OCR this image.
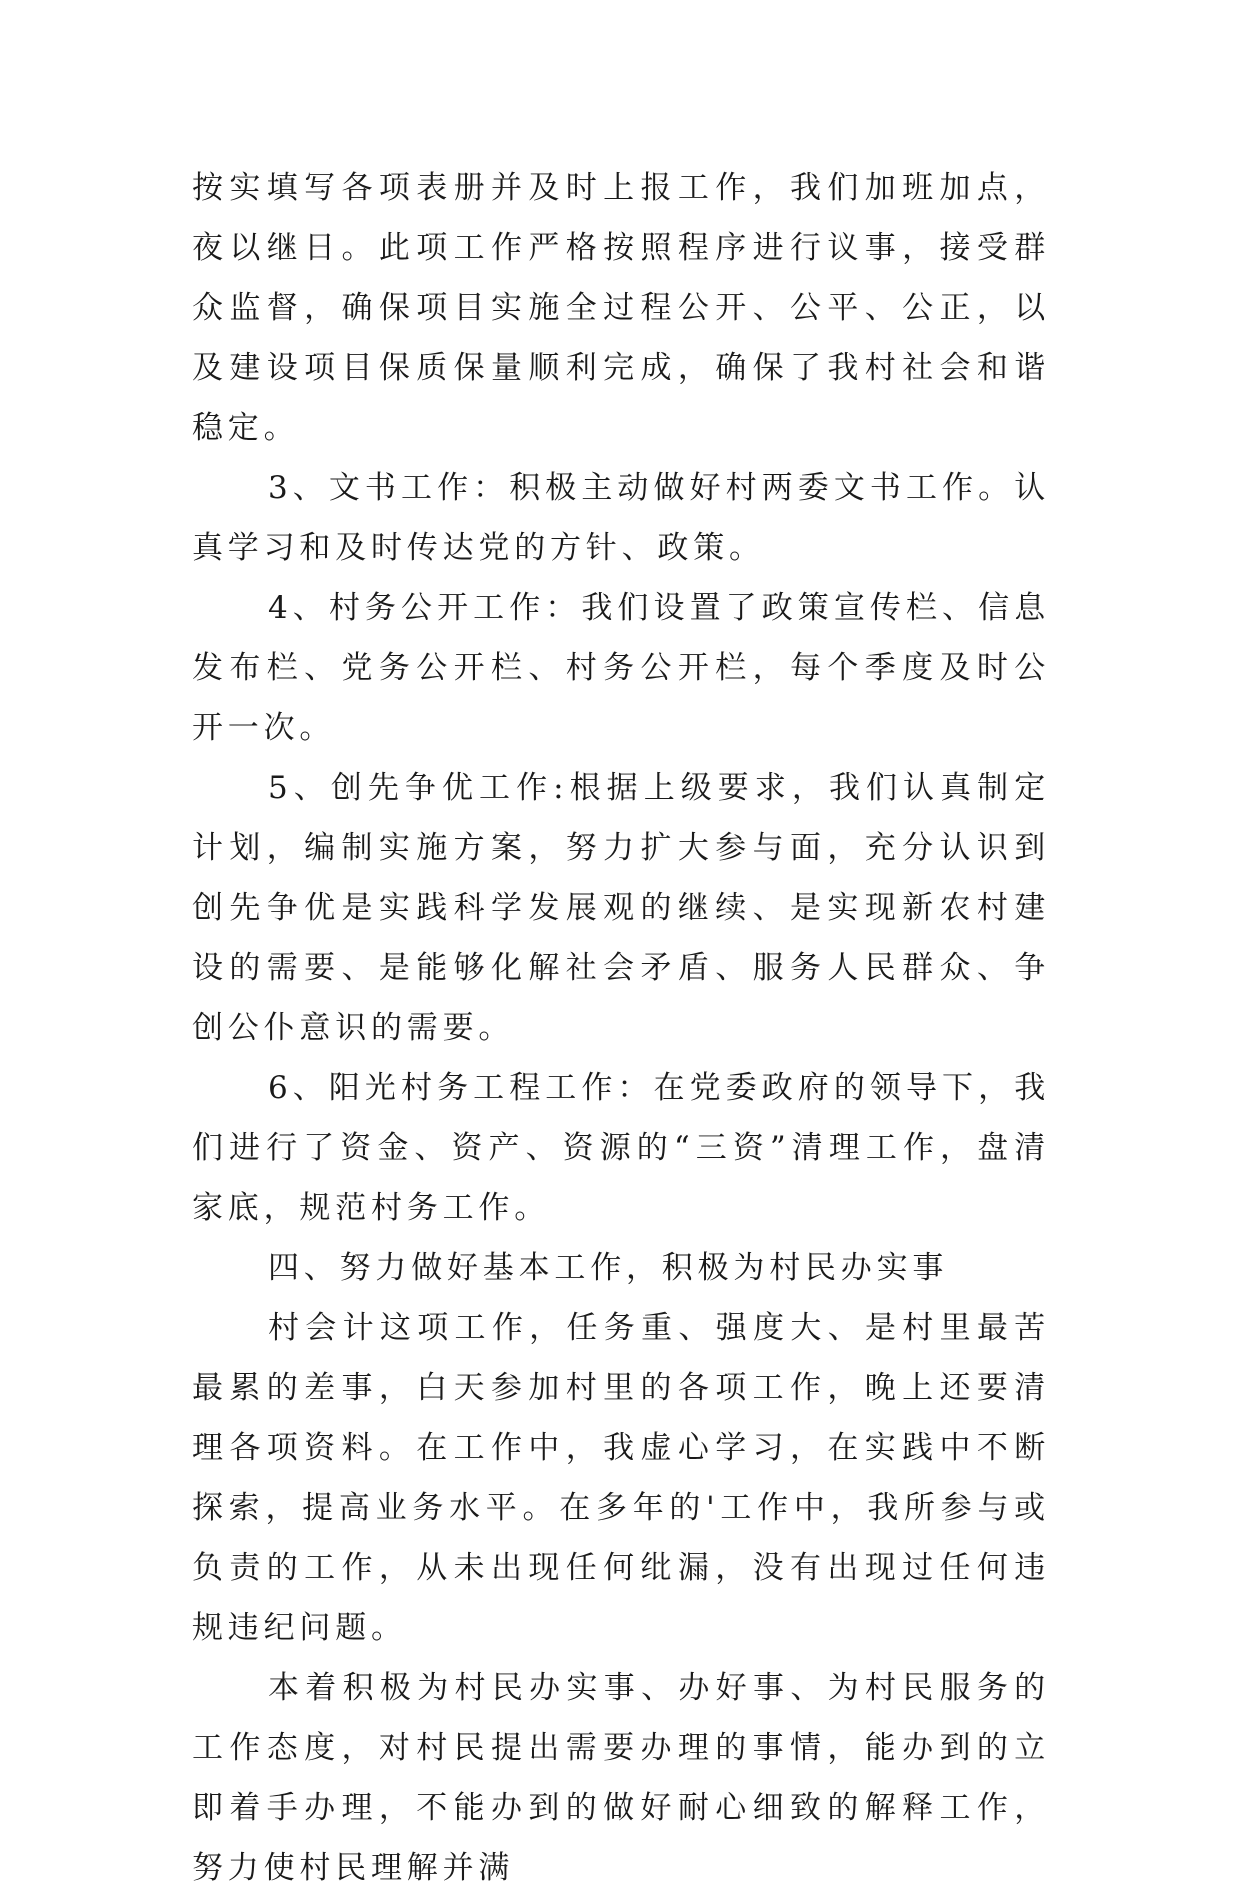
按实填写各项表册并及时上报工作，我们加班加点，夜以继日。此项工作严格按照程序进行议事，接受群众监督，确保项目实施全过程公开、公平、公正，以及建设项目保质保量顺利完成，确保了我村社会和谐稳定。

3、文书工作：积极主动做好村两委文书工作。认真学习和及时传达党的方针、政策。

4、村务公开工作：我们设置了政策宣传栏、信息发布栏、党务公开栏、村务公开栏，每个季度及时公开一次。

5、创先争优工作:根据上级要求，我们认真制定计划，编制实施方案，努力扩大参与面，充分认识到创先争优是实践科学发展观的继续、是实现新农村建设的需要、是能够化解社会矛盾、服务人民群众、争创公仆意识的需要。

6、阳光村务工程工作：在党委政府的领导下，我们进行了资金、资产、资源的“三资”清理工作，盘清家底，规范村务工作。

四、努力做好基本工作，积极为村民办实事

村会计这项工作，任务重、强度大、是村里最苦最累的差事，白天参加村里的各项工作，晚上还要清理各项资料。在工作中，我虚心学习，在实践中不断探索，提高业务水平。在多年的'工作中，我所参与或负责的工作，从未出现任何纰漏，没有出现过任何违规违纪问题。

本着积极为村民办实事、办好事、为村民服务的工作态度，对村民提出需要办理的事情，能办到的立即着手办理，不能办到的做好耐心细致的解释工作，努力使村民理解并满
